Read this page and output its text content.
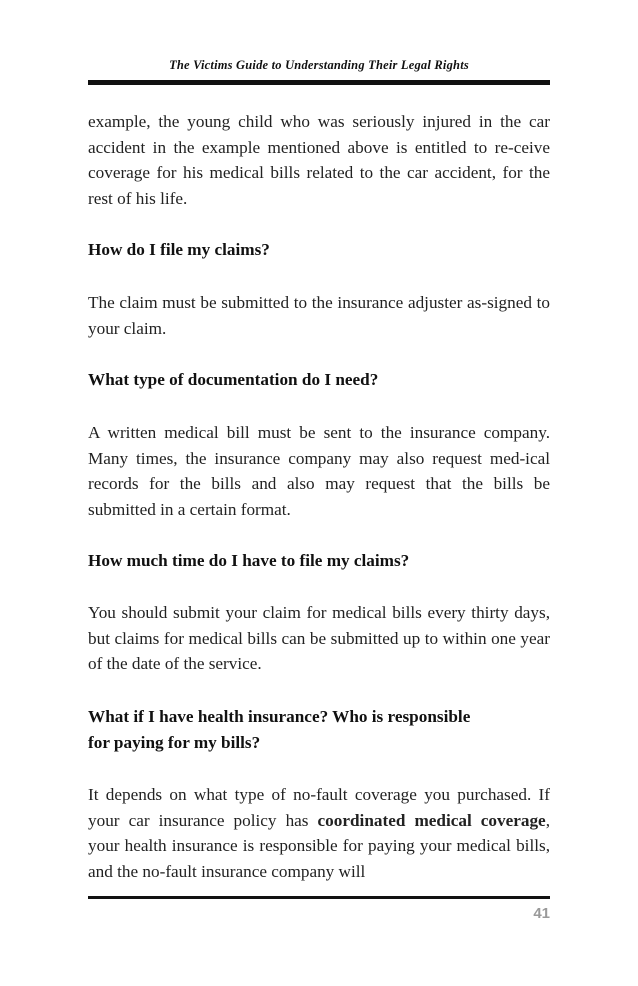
The Victims Guide to Understanding Their Legal Rights

example, the young child who was seriously injured in the car accident in the example mentioned above is entitled to re-ceive coverage for his medical bills related to the car accident, for the rest of his life.

How do I file my claims?

The claim must be submitted to the insurance adjuster as-signed to your claim.

What type of documentation do I need?

A written medical bill must be sent to the insurance company. Many times, the insurance company may also request med-ical records for the bills and also may request that the bills be submitted in a certain format.

How much time do I have to file my claims?

You should submit your claim for medical bills every thirty days, but claims for medical bills can be submitted up to within one year of the date of the service.

What if I have health insurance? Who is responsible
for paying for my bills?

It depends on what type of no-fault coverage you purchased. If your car insurance policy has coordinated medical coverage, your health insurance is responsible for paying your medical bills, and the no-fault insurance company will

41
